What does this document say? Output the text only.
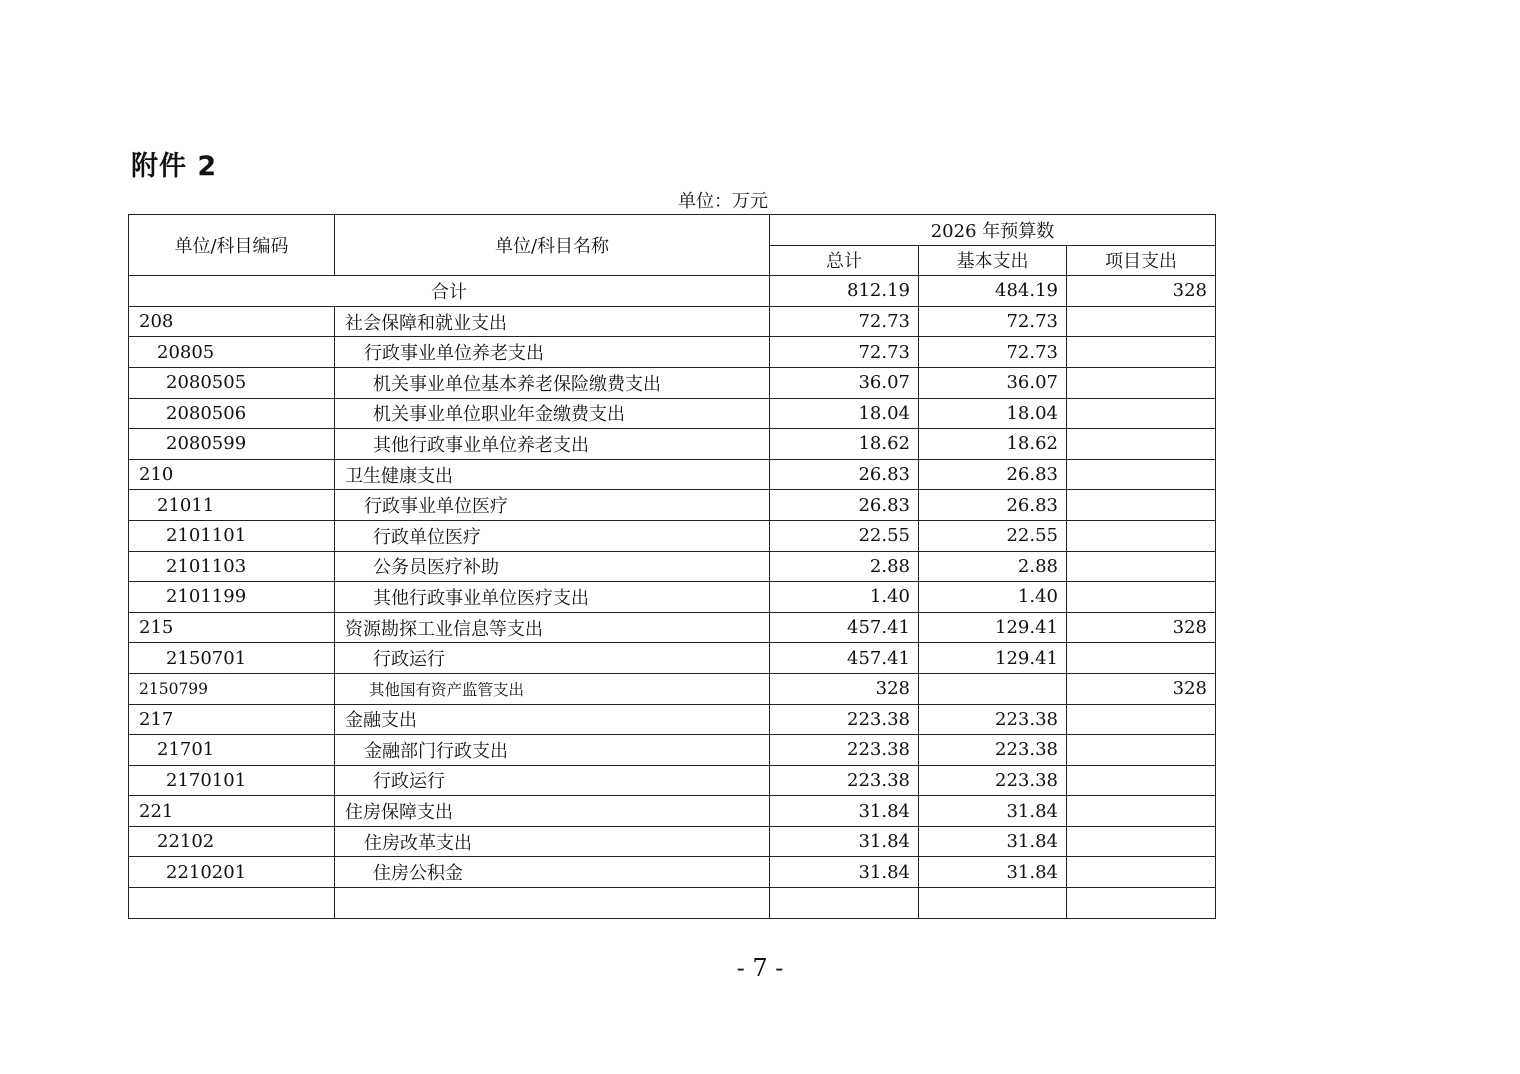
附件 2
单位：万元
单位/科目编码	单位/科目名称	2026 年预算数		
		总计	基本支出	项目支出
合计		812.19	484.19	328
208	社会保障和就业支出	72.73	72.73	
20805	行政事业单位养老支出	72.73	72.73	
2080505	机关事业单位基本养老保险缴费支出	36.07	36.07	
2080506	机关事业单位职业年金缴费支出	18.04	18.04	
2080599	其他行政事业单位养老支出	18.62	18.62	
210	卫生健康支出	26.83	26.83	
21011	行政事业单位医疗	26.83	26.83	
2101101	行政单位医疗	22.55	22.55	
2101103	公务员医疗补助	2.88	2.88	
2101199	其他行政事业单位医疗支出	1.40	1.40	
215	资源勘探工业信息等支出	457.41	129.41	328
2150701	行政运行	457.41	129.41	
2150799	其他国有资产监管支出	328		328
217	金融支出	223.38	223.38	
21701	金融部门行政支出	223.38	223.38	
2170101	行政运行	223.38	223.38	
221	住房保障支出	31.84	31.84	
22102	住房改革支出	31.84	31.84	
2210201	住房公积金	31.84	31.84	

- 7 -
